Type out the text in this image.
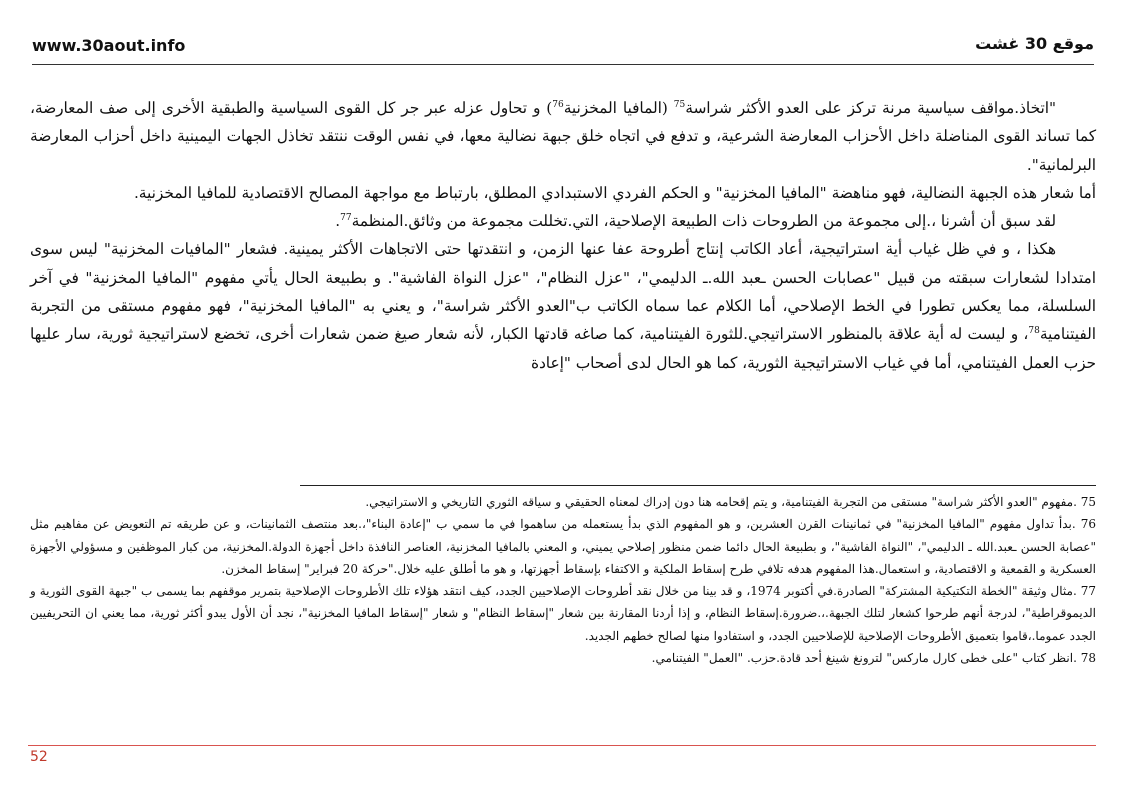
www.30aout.info	موقع 30 غشت

"اتخاذ.مواقف سياسية مرنة تركز على العدو الأكثر شراسة$^{75}$ (المافيا المخزنية$^{76}$) و تحاول عزله عبر جر كل القوى السياسية والطبقية الأخرى إلى صف المعارضة، كما تساند القوى المناضلة داخل الأحزاب المعارضة الشرعية، و تدفع في اتجاه خلق جبهة نضالية معها، في نفس الوقت ننتقد تخاذل الجهات اليمينية داخل أحزاب المعارضة البرلمانية".

أما شعار هذه الجبهة النضالية، فهو مناهضة "المافيا المخزنية" و الحكم الفردي الاستبدادي المطلق، بارتباط مع مواجهة المصالح الاقتصادية للمافيا المخزنية.

لقد سبق أن أشرنا ،.إلى مجموعة من الطروحات ذات الطبيعة الإصلاحية، التي.تخللت مجموعة من وثائق.المنظمة$^{77}$.

هكذا ، و في ظل غياب أية استراتيجية، أعاد الكاتب إنتاج أطروحة عفا عنها الزمن، و انتقدتها حتى الاتجاهات الأكثر يمينية. فشعار "المافيات المخزنية" ليس سوى امتدادا لشعارات سبقته من قبيل "عصابات الحسن ـعبد الله.ـ الدليمي"، "عزل النظام"، "عزل النواة الفاشية". و بطبيعة الحال يأتي مفهوم "المافيا المخزنية" في آخر السلسلة، مما يعكس تطورا في الخط الإصلاحي، أما الكلام عما سماه الكاتب ب"العدو الأكثر شراسة"، و يعني به "المافيا المخزنية"، فهو مفهوم مستقى من التجربة الفيتنامية$^{78}$، و ليست له أية علاقة بالمنظور الاستراتيجي.للثورة الفيتنامية، كما صاغه قادتها الكبار، لأنه شعار صيغ ضمن شعارات أخرى، تخضع لاستراتيجية ثورية، سار عليها حزب العمل الفيتنامي، أما في غياب الاستراتيجية الثورية، كما هو الحال لدى أصحاب "إعادة

75 .مفهوم "العدو الأكثر شراسة" مستقى من التجربة الفيتنامية، و يتم إقحامه هنا دون إدراك لمعناه الحقيقي و سياقه الثوري التاريخي و الاستراتيجي.

76 .بدأ تداول مفهوم "المافيا المخزنية" في ثمانينات القرن العشرين، و هو المفهوم الذي بدأ يستعمله من ساهموا في ما سمي ب "إعادة البناء"،.بعد منتصف الثمانينات، و عن طريقه تم التعويض عن مفاهيم مثل "عصابة الحسن ـعبد.الله ـ الدليمي"، "النواة الفاشية"، و بطبيعة الحال دائما ضمن منظور إصلاحي يميني، و المعني بالمافيا المخزنية، العناصر النافذة داخل أجهزة الدولة.المخزنية، من كبار الموظفين و مسؤولي الأجهزة العسكرية و القمعية و الاقتصادية، و استعمال.هذا المفهوم هدفه تلافي طرح إسقاط الملكية و الاكتفاء بإسقاط أجهزتها، و هو ما أطلق عليه خلال."حركة 20 فبراير" إسقاط المخزن.

77 .مثال وثيقة "الخطة التكتيكية المشتركة" الصادرة.في أكتوبر 1974، و قد بينا من خلال نقد أطروحات الإصلاحيين الجدد، كيف انتقد هؤلاء تلك الأطروحات الإصلاحية بتمرير موقفهم بما يسمى ب "جبهة القوى الثورية و الديموقراطية"، لدرجة أنهم طرحوا كشعار لتلك الجبهة.،.ضرورة.إسقاط النظام، و إذا أردنا المقارنة بين شعار "إسقاط النظام" و شعار "إسقاط المافيا المخزنية"، نجد أن الأول يبدو أكثر ثورية، مما يعني ان التحريفيين الجدد عموما.،قاموا بتعميق الأطروحات الإصلاحية للإصلاحيين الجدد، و استفادوا منها لصالح خطهم الجديد.

78 .انظر كتاب "على خطى كارل ماركس" لترونغ شينغ أحد قادة.حزب. "العمل" الفيتنامي.

52
